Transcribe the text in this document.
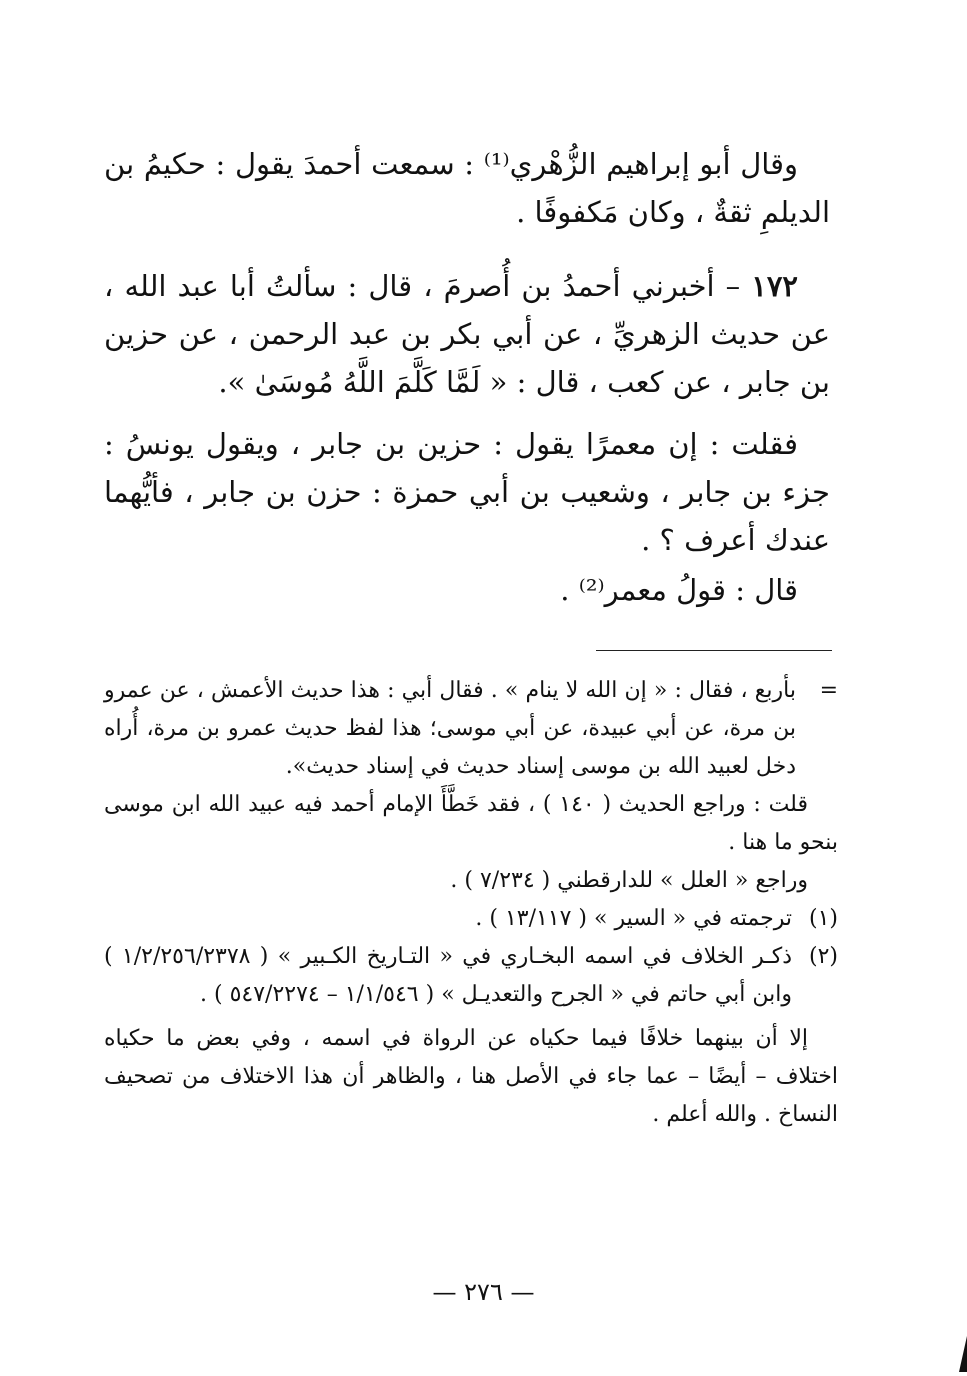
وقال أبو إبراهيم الزُّهْري⁽¹⁾ : سمعت أحمدَ يقول : حكيمُ بن الديلمِ ثقةٌ ، وكان مَكفوفًا .

١٧٢ – أخبرني أحمدُ بن أُصرمَ ، قال : سألتُ أبا عبد الله ، عن حديث الزهريِّ ، عن أبي بكر بن عبد الرحمن ، عن حزين بن جابر ، عن كعب ، قال : « لَمَّا كَلَّمَ اللَّهُ مُوسَىٰ ».

فقلت : إن معمرًا يقول : حزين بن جابر ، ويقول يونسُ : جزء بن جابر ، وشعيب بن أبي حمزة : حزن بن جابر ، فأيُّهما عندك أعرف ؟ .

قال : قولُ معمر⁽²⁾ .

=
بأربع ، فقال : « إن الله لا ينام » . فقال أبي : هذا حديث الأعمش ، عن عمرو بن مرة، عن أبي عبيدة، عن أبي موسى؛ هذا لفظ حديث عمرو بن مرة، أُراه دخل لعبيد الله بن موسى إسناد حديث في إسناد حديث».

قلت : وراجع الحديث ( ١٤٠ ) ، فقد خَطَّأَ الإمام أحمد فيه عبيد الله ابن موسى بنحو ما هنا .

وراجع « العلل » للدارقطني ( ٧/٢٣٤ ) .

(١)
ترجمته في « السير » ( ١٣/١١٧ ) .

(٢)
ذكـر الخلاف في اسمه البخـاري في « التـاريخ الكـبير » ( ١/٢/٢٥٦/٢٣٧٨ ) وابن أبي حاتم في « الجرح والتعديـل » ( ١/١/٥٤٦ – ٥٤٧/٢٢٧٤ ) .

إلا أن بينهما خلافًا فيما حكياه عن الرواة في اسمه ، وفي بعض ما حكياه اختلاف – أيضًا – عما جاء في الأصل هنا ، والظاهر أن هذا الاختلاف من تصحيف النساخ . والله أعلم .

— ٢٧٦ —
